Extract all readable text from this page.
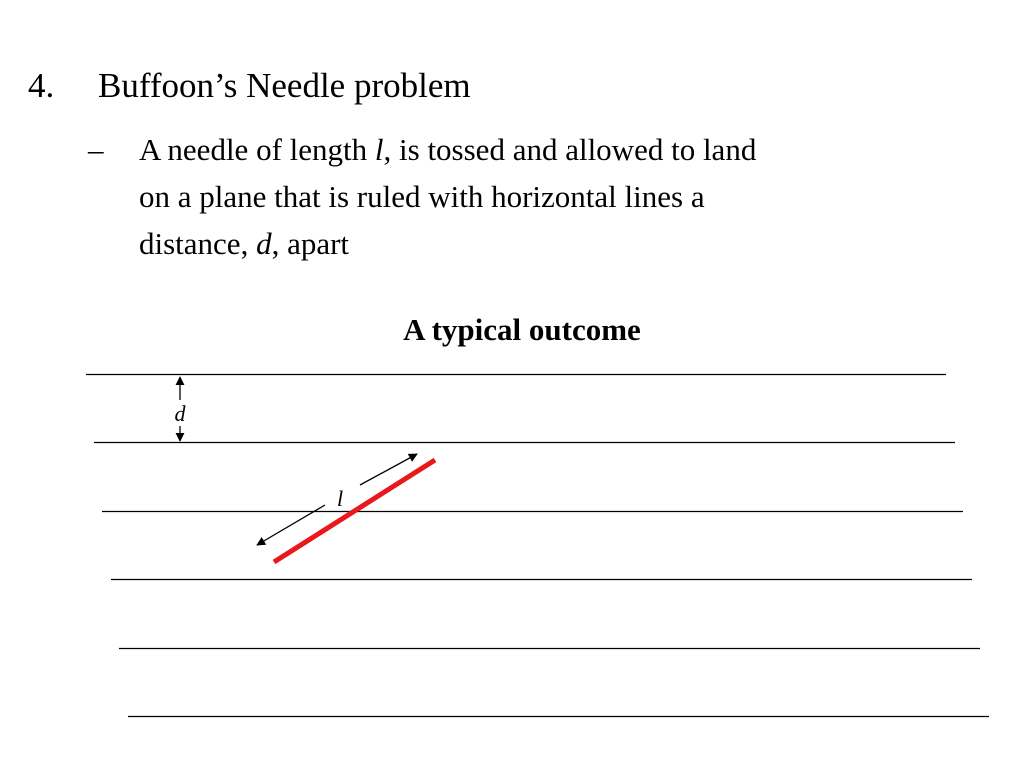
4. Buffoon’s Needle problem
– A needle of length l, is tossed and allowed to land
on a plane that is ruled with horizontal lines a
distance, d, apart
A typical outcome
d
l
